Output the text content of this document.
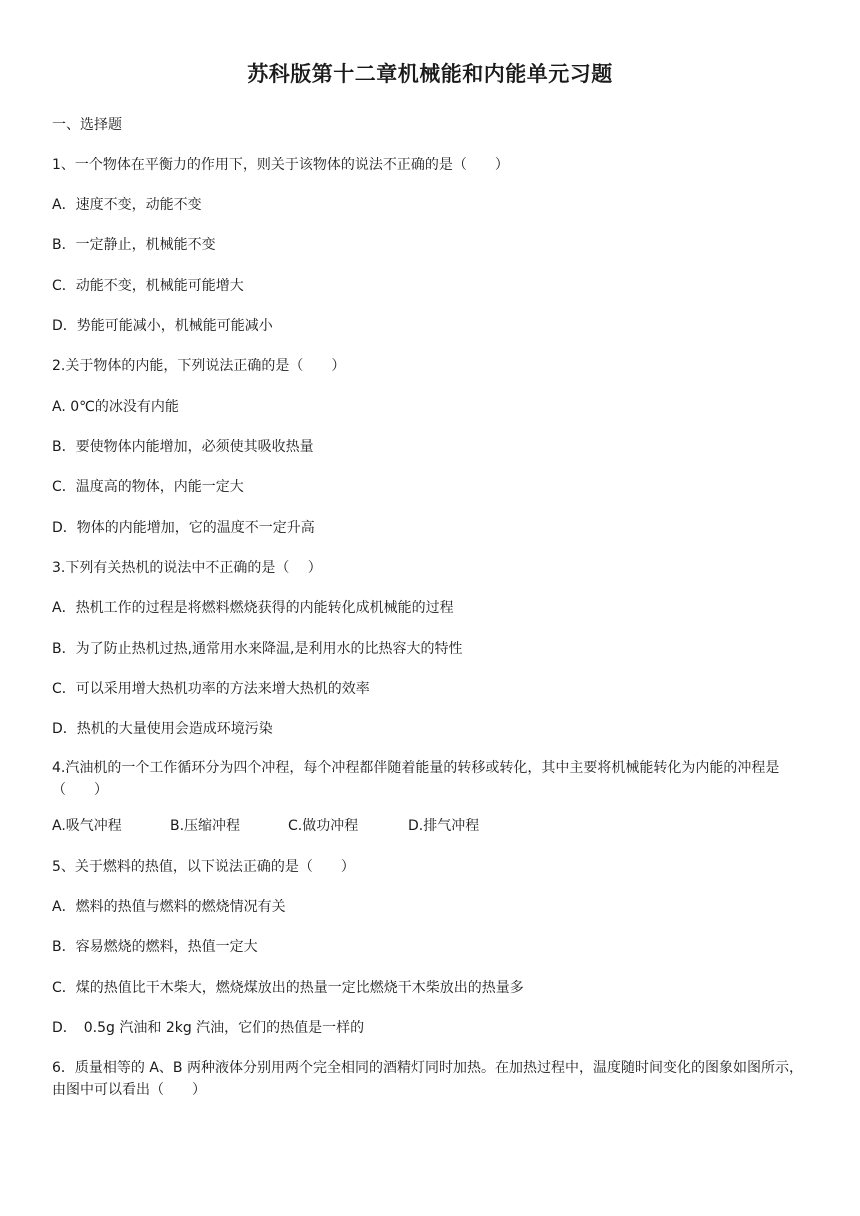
苏科版第十二章机械能和内能单元习题
一、选择题
1、一个物体在平衡力的作用下，则关于该物体的说法不正确的是（　　）
A．速度不变，动能不变
B．一定静止，机械能不变
C．动能不变，机械能可能增大
D．势能可能减小，机械能可能减小
2.关于物体的内能，下列说法正确的是（　　）
A. 0℃的冰没有内能
B．要使物体内能增加，必须使其吸收热量
C．温度高的物体，内能一定大
D．物体的内能增加，它的温度不一定升高
3.下列有关热机的说法中不正确的是（　 ）
A．热机工作的过程是将燃料燃烧获得的内能转化成机械能的过程
B．为了防止热机过热,通常用水来降温,是利用水的比热容大的特性
C．可以采用增大热机功率的方法来增大热机的效率
D．热机的大量使用会造成环境污染
4.汽油机的一个工作循环分为四个冲程，每个冲程都伴随着能量的转移或转化，其中主要将机械能转化为内能的冲程是（　　）
A.吸气冲程	B.压缩冲程	C.做功冲程	D.排气冲程
5、关于燃料的热值，以下说法正确的是（　　）
A．燃料的热值与燃料的燃烧情况有关
B．容易燃烧的燃料，热值一定大
C．煤的热值比干木柴大，燃烧煤放出的热量一定比燃烧干木柴放出的热量多
D．　0.5g 汽油和 2kg 汽油，它们的热值是一样的
6．质量相等的 A、B 两种液体分别用两个完全相同的酒精灯同时加热。在加热过程中，温度随时间变化的图象如图所示，由图中可以看出（　　）
